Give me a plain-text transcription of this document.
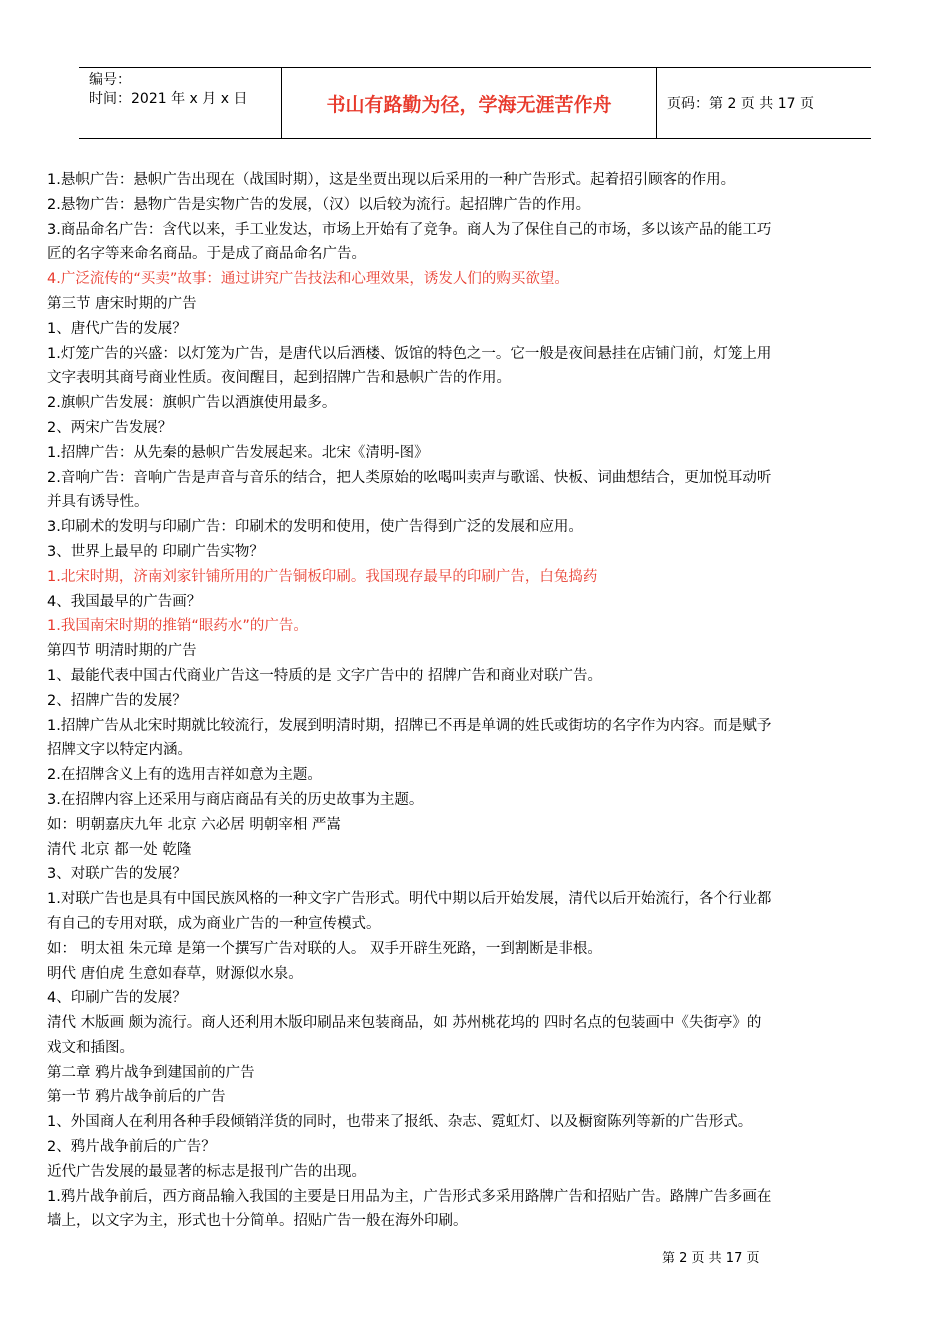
编号：
时间：2021 年 x 月 x 日	书山有路勤为径，学海无涯苦作舟	页码：第 2 页 共 17 页
1.悬帜广告：悬帜广告出现在（战国时期），这是坐贾出现以后采用的一种广告形式。起着招引顾客的作用。
2.悬物广告：悬物广告是实物广告的发展，（汉）以后较为流行。起招牌广告的作用。
3.商品命名广告：含代以来，手工业发达，市场上开始有了竞争。商人为了保住自己的市场，多以该产品的能工巧
匠的名字等来命名商品。于是成了商品命名广告。
4.广泛流传的“买卖”故事：通过讲究广告技法和心理效果，诱发人们的购买欲望。
第三节 唐宋时期的广告
1、唐代广告的发展？
1.灯笼广告的兴盛：以灯笼为广告，是唐代以后酒楼、饭馆的特色之一。它一般是夜间悬挂在店铺门前，灯笼上用
文字表明其商号商业性质。夜间醒目，起到招牌广告和悬帜广告的作用。
2.旗帜广告发展：旗帜广告以酒旗使用最多。
2、两宋广告发展？
1.招牌广告：从先秦的悬帜广告发展起来。北宋《清明-图》
2.音响广告：音响广告是声音与音乐的结合，把人类原始的吆喝叫卖声与歌谣、快板、词曲想结合，更加悦耳动听
并具有诱导性。
3.印刷术的发明与印刷广告：印刷术的发明和使用，使广告得到广泛的发展和应用。
3、世界上最早的 印刷广告实物？
1.北宋时期，济南刘家针铺所用的广告铜板印刷。我国现存最早的印刷广告，白兔捣药
4、我国最早的广告画？
1.我国南宋时期的推销“眼药水”的广告。
第四节 明清时期的广告
1、最能代表中国古代商业广告这一特质的是 文字广告中的 招牌广告和商业对联广告。
2、招牌广告的发展？
1.招牌广告从北宋时期就比较流行，发展到明清时期，招牌已不再是单调的姓氏或街坊的名字作为内容。而是赋予
招牌文字以特定内涵。
2.在招牌含义上有的选用吉祥如意为主题。
3.在招牌内容上还采用与商店商品有关的历史故事为主题。
如：明朝嘉庆九年 北京 六必居 明朝宰相 严嵩
清代 北京 都一处 乾隆
3、对联广告的发展？
1.对联广告也是具有中国民族风格的一种文字广告形式。明代中期以后开始发展，清代以后开始流行，各个行业都
有自己的专用对联，成为商业广告的一种宣传模式。
如： 明太祖 朱元璋 是第一个撰写广告对联的人。 双手开辟生死路，一到割断是非根。
明代 唐伯虎 生意如春草，财源似水泉。
4、印刷广告的发展？
清代 木版画 颇为流行。商人还利用木版印刷品来包装商品，如 苏州桃花坞的 四时名点的包装画中《失街亭》的
戏文和插图。
第二章 鸦片战争到建国前的广告
第一节 鸦片战争前后的广告
1、外国商人在利用各种手段倾销洋货的同时，也带来了报纸、杂志、霓虹灯、以及橱窗陈列等新的广告形式。
2、鸦片战争前后的广告？
近代广告发展的最显著的标志是报刊广告的出现。
1.鸦片战争前后，西方商品输入我国的主要是日用品为主，广告形式多采用路牌广告和招贴广告。路牌广告多画在
墙上，以文字为主，形式也十分简单。招贴广告一般在海外印刷。
第 2 页 共 17 页
